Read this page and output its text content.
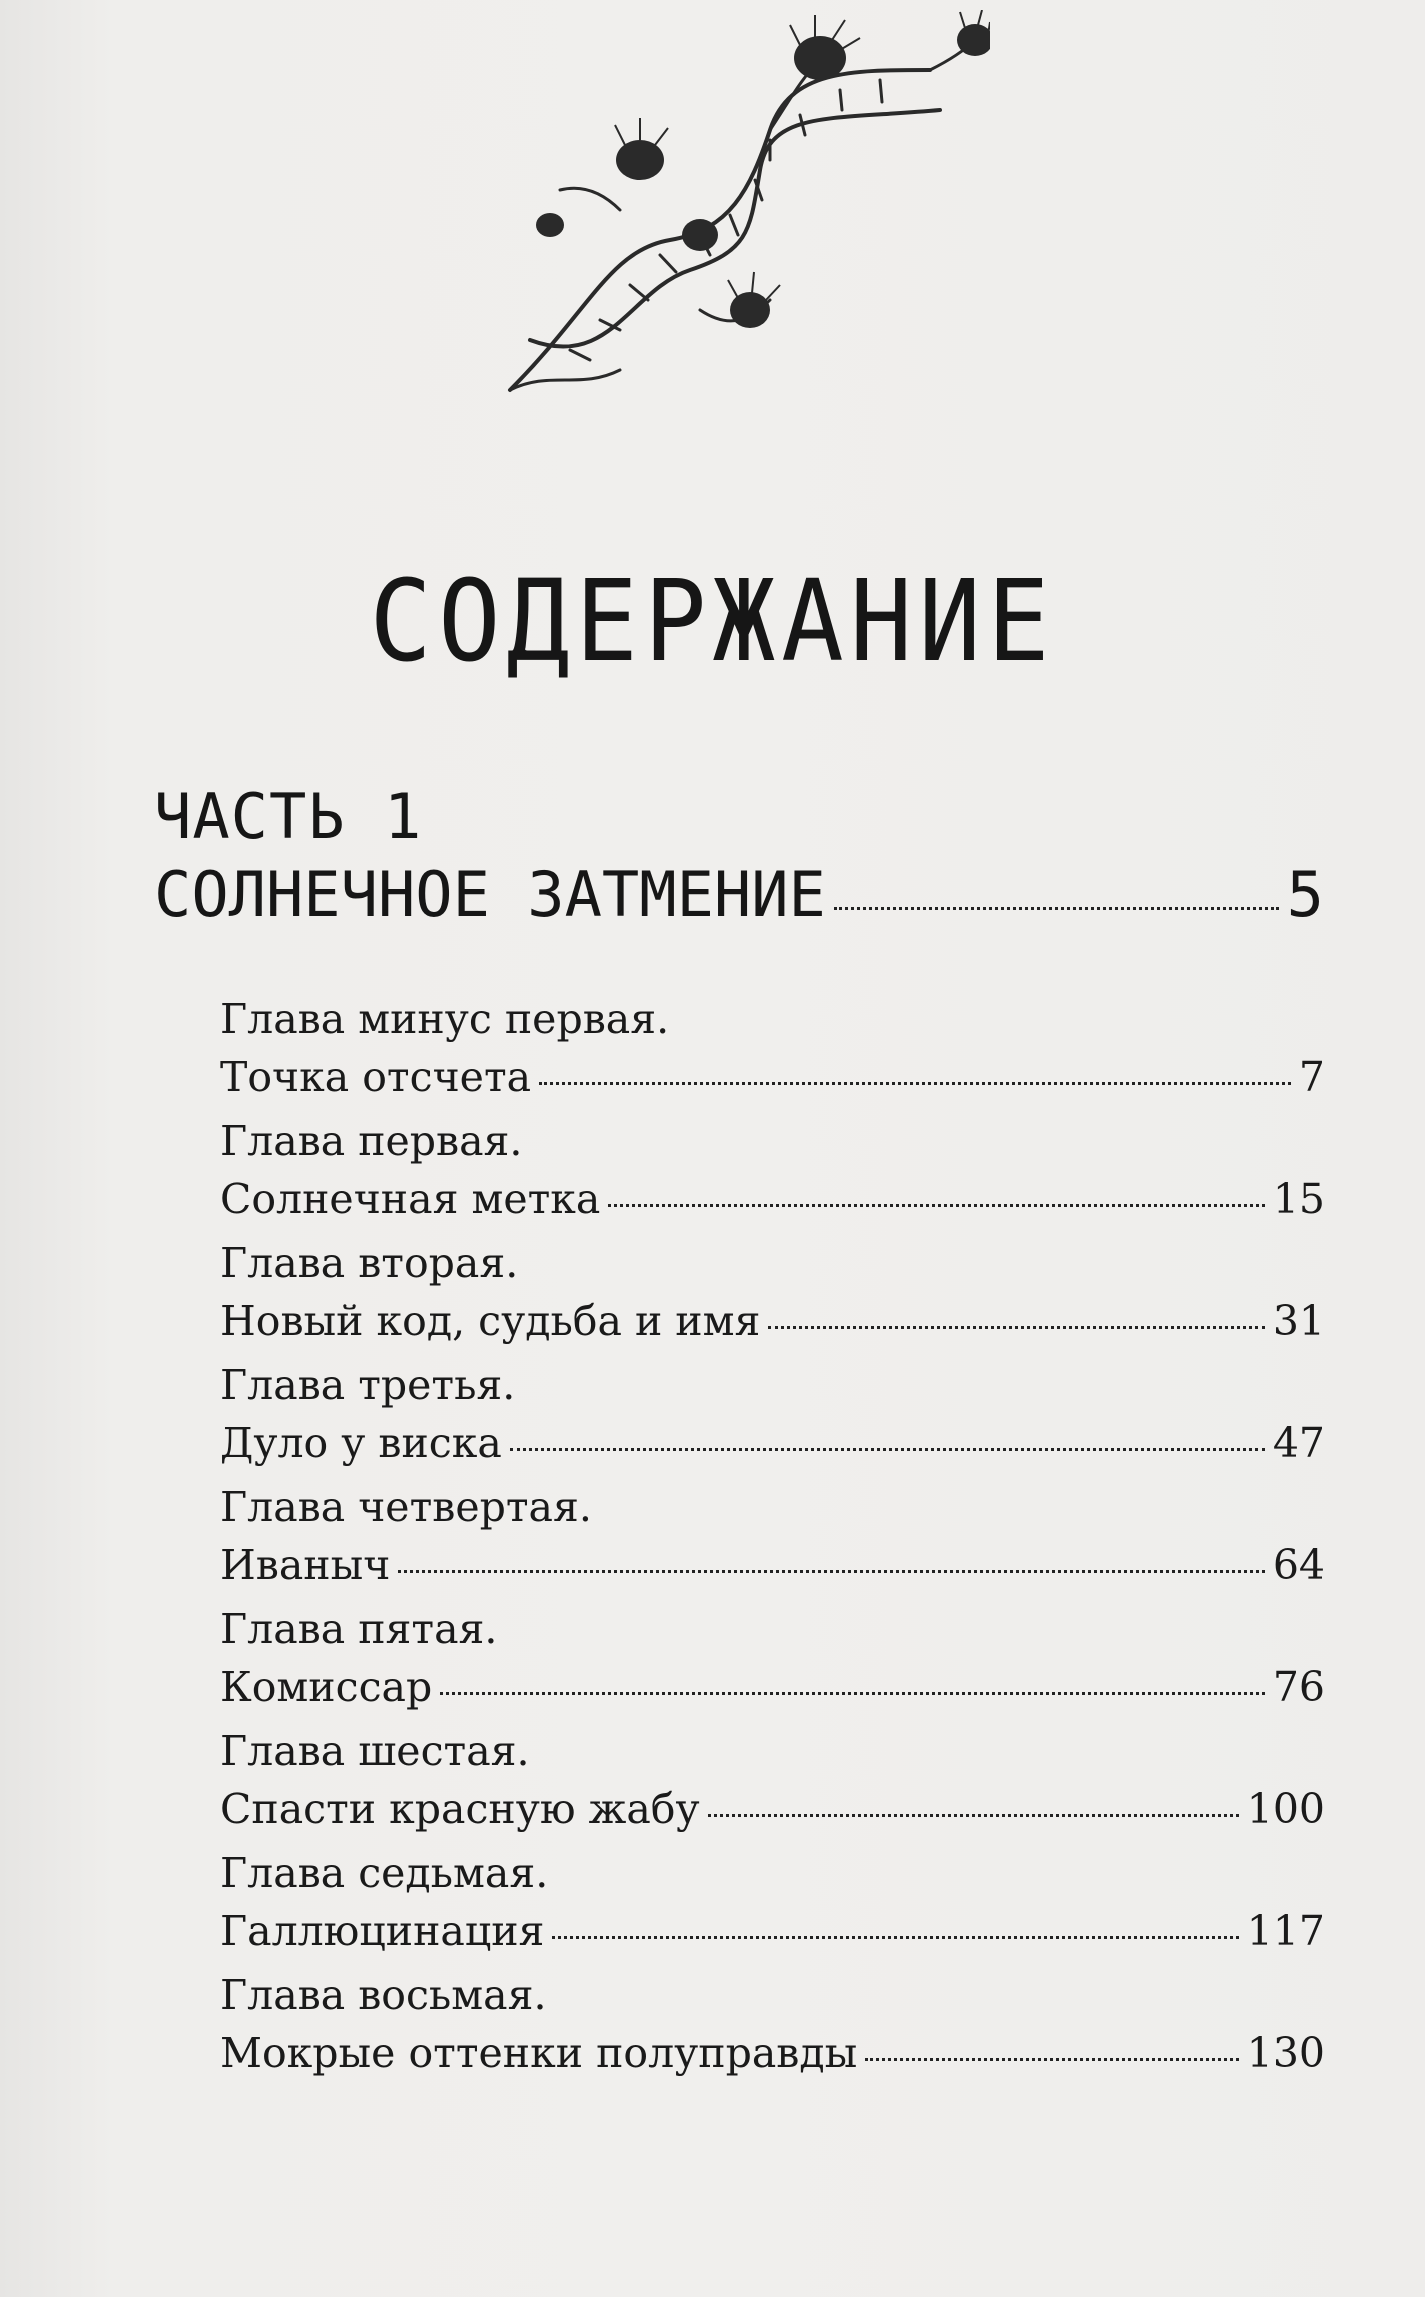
СОДЕРЖАНИЕ
ЧАСТЬ 1
СОЛНЕЧНОЕ ЗАТМЕНИЕ	5
Глава минус первая.
Точка отсчета	7
Глава первая.
Солнечная метка	15
Глава вторая.
Новый код, судьба и имя	31
Глава третья.
Дуло у виска	47
Глава четвертая.
Иваныч	64
Глава пятая.
Комиссар	76
Глава шестая.
Спасти красную жабу	100
Глава седьмая.
Галлюцинация	117
Глава восьмая.
Мокрые оттенки полуправды	130
